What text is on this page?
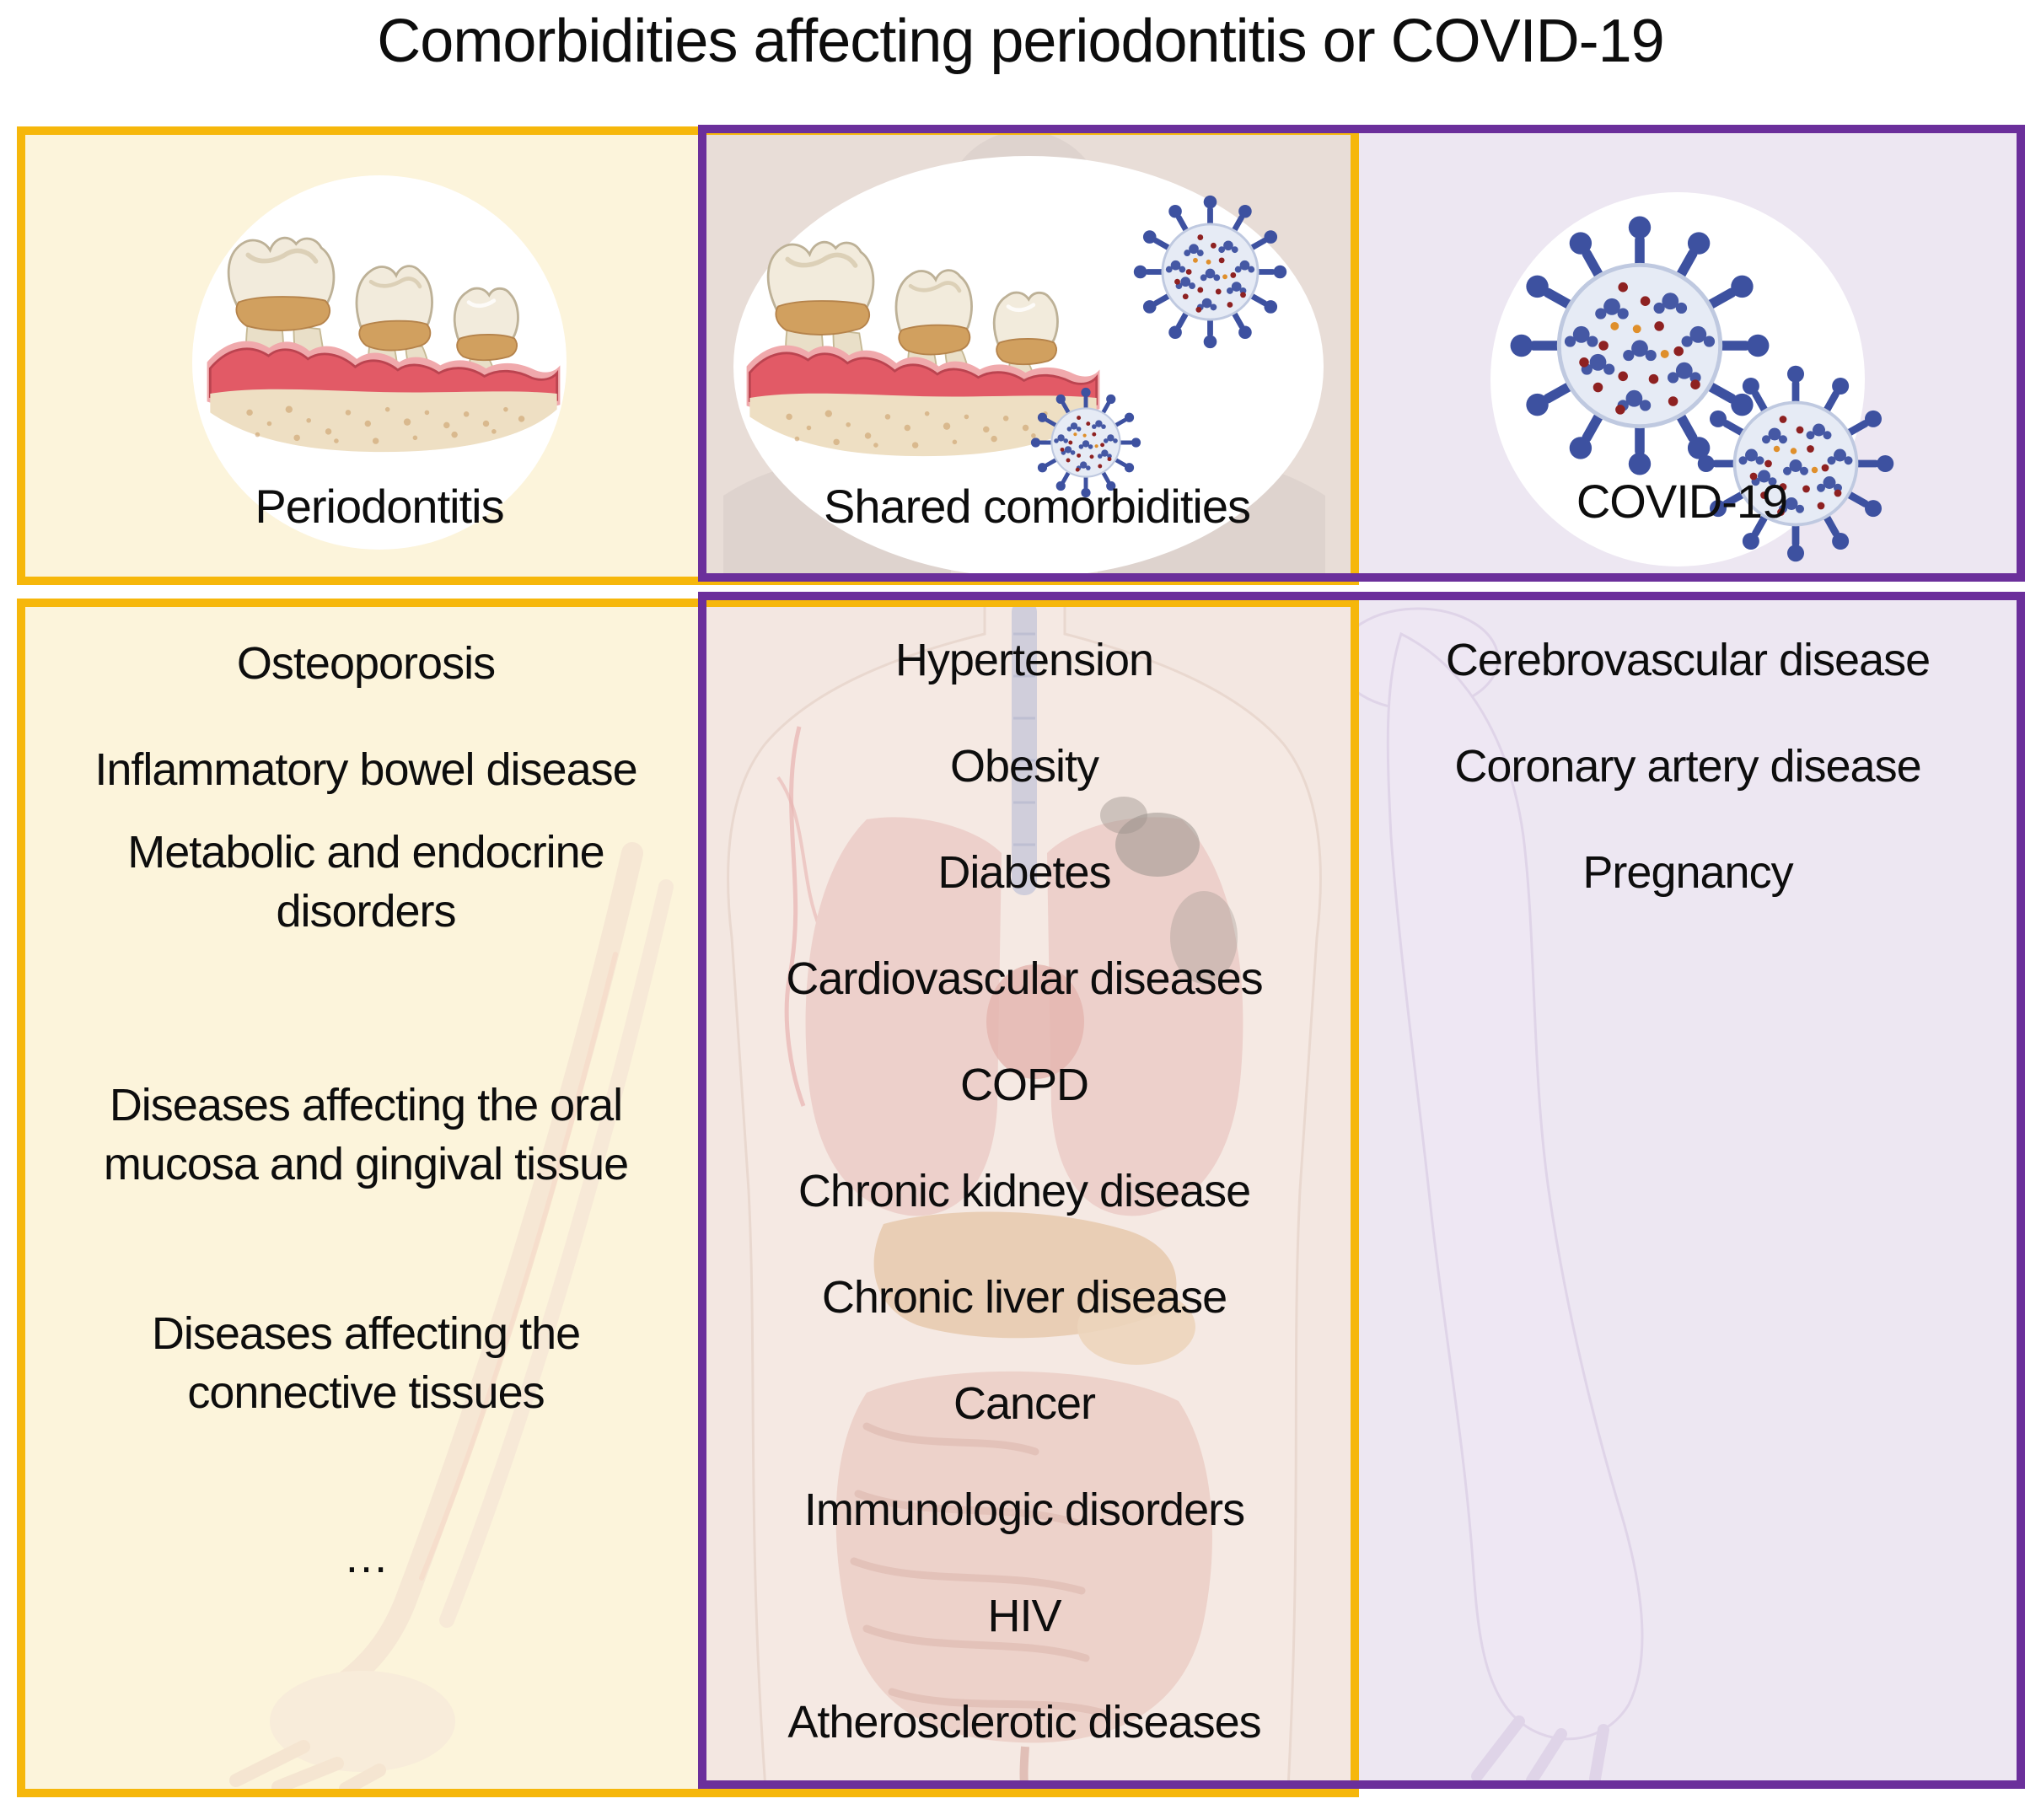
Comorbidities affecting periodontitis or COVID-19
Periodontitis	Shared comorbidities	COVID-19
Osteoporosis
Inflammatory bowel disease
Metabolic and endocrine disorders
Diseases affecting the oral mucosa and gingival tissue
Diseases affecting the connective tissues
…
Hypertension
Obesity
Diabetes
Cardiovascular diseases
COPD
Chronic kidney disease
Chronic liver disease
Cancer
Immunologic disorders
HIV
Atherosclerotic diseases
Cerebrovascular disease
Coronary artery disease
Pregnancy
